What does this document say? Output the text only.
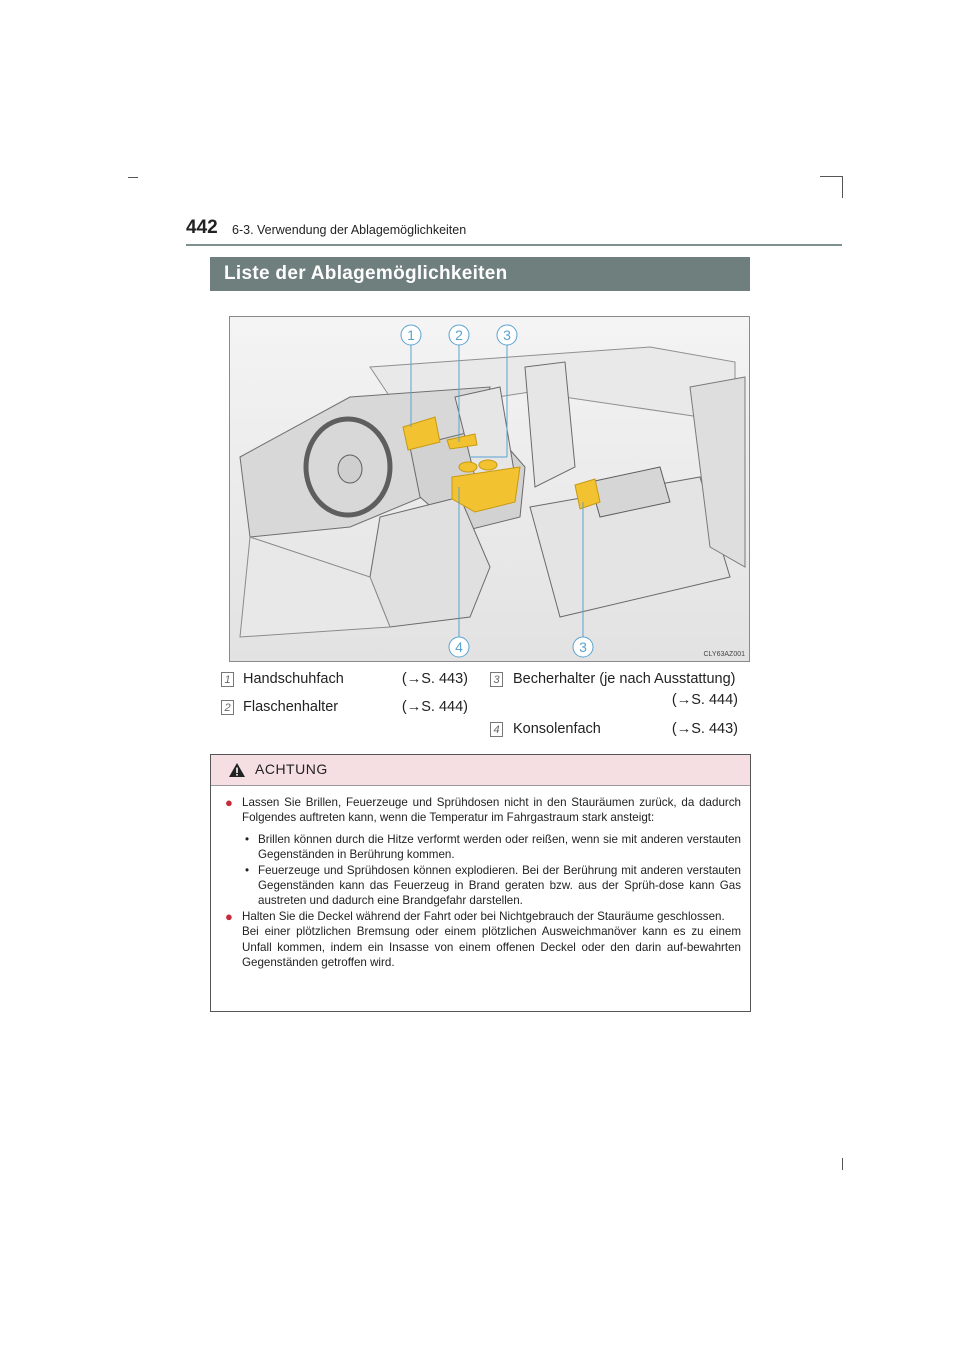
442 6-3. Verwendung der Ablagemöglichkeiten
Liste der Ablagemöglichkeiten
1	2	3
4	3	CLY63AZ001
1 Handschuhfach	(→S. 443)
2 Flaschenhalter	(→S. 444)
3 Becherhalter (je nach Ausstattung)
(→S. 444)
4 Konsolenfach	(→S. 443)
ACHTUNG
● Lassen Sie Brillen, Feuerzeuge und Sprühdosen nicht in den Stauräumen zurück, da dadurch Folgendes auftreten kann, wenn die Temperatur im Fahrgastraum stark ansteigt:
• Brillen können durch die Hitze verformt werden oder reißen, wenn sie mit anderen verstauten Gegenständen in Berührung kommen.
• Feuerzeuge und Sprühdosen können explodieren. Bei der Berührung mit anderen verstauten Gegenständen kann das Feuerzeug in Brand geraten bzw. aus der Sprüh-dose kann Gas austreten und dadurch eine Brandgefahr darstellen.
● Halten Sie die Deckel während der Fahrt oder bei Nichtgebrauch der Stauräume geschlossen.
Bei einer plötzlichen Bremsung oder einem plötzlichen Ausweichmanöver kann es zu einem Unfall kommen, indem ein Insasse von einem offenen Deckel oder den darin auf-bewahrten Gegenständen getroffen wird.
